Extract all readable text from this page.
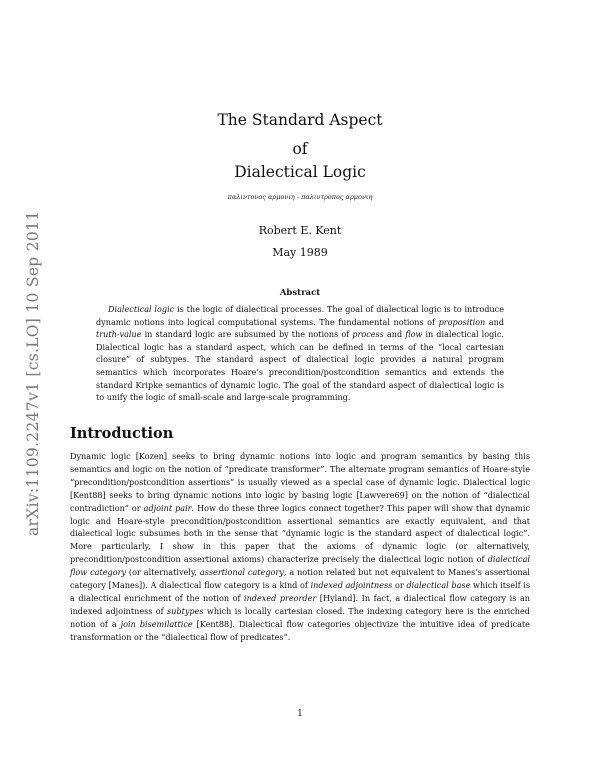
arXiv:1109.2247v1 [cs.LO] 10 Sep 2011
The Standard Aspect
of
Dialectical Logic
παλιντονος αρμονιη - παλιντροπος αρμονιη
Robert E. Kent
May 1989
Abstract

Dialectical logic is the logic of dialectical processes. The goal of dialectical logic is to introduce dynamic notions into logical computational systems. The fundamental notions of proposition and truth-value in standard logic are subsumed by the notions of process and flow in dialectical logic. Dialectical logic has a standard aspect, which can be defined in terms of the “local cartesian closure” of subtypes. The standard aspect of dialectical logic provides a natural program semantics which incorporates Hoare’s precondition/postcondition semantics and extends the standard Kripke semantics of dynamic logic. The goal of the standard aspect of dialectical logic is to unify the logic of small-scale and large-scale programming.

Introduction

Dynamic logic [Kozen] seeks to bring dynamic notions into logic and program semantics by basing this semantics and logic on the notion of “predicate transformer”. The alternate program semantics of Hoare-style “precondition/postcondition assertions” is usually viewed as a special case of dynamic logic. Dialectical logic [Kent88] seeks to bring dynamic notions into logic by basing logic [Lawvere69] on the notion of “dialectical contradiction” or adjoint pair. How do these three logics connect together? This paper will show that dynamic logic and Hoare-style precondition/postcondition assertional semantics are exactly equivalent, and that dialectical logic subsumes both in the sense that “dynamic logic is the standard aspect of dialectical logic”. More particularly, I show in this paper that the axioms of dynamic logic (or alternatively, precondition/postcondition assertional axioms) characterize precisely the dialectical logic notion of dialectical flow category (or alternatively, assertional category, a notion related but not equivalent to Manes’s assertional category [Manes]). A dialectical flow category is a kind of indexed adjointness or dialectical base which itself is a dialectical enrichment of the notion of indexed preorder [Hyland]. In fact, a dialectical flow category is an indexed adjointness of subtypes which is locally cartesian closed. The indexing category here is the enriched notion of a join bisemilattice [Kent88]. Dialectical flow categories objectivize the intuitive idea of predicate transformation or the “dialectical flow of predicates”.

1
